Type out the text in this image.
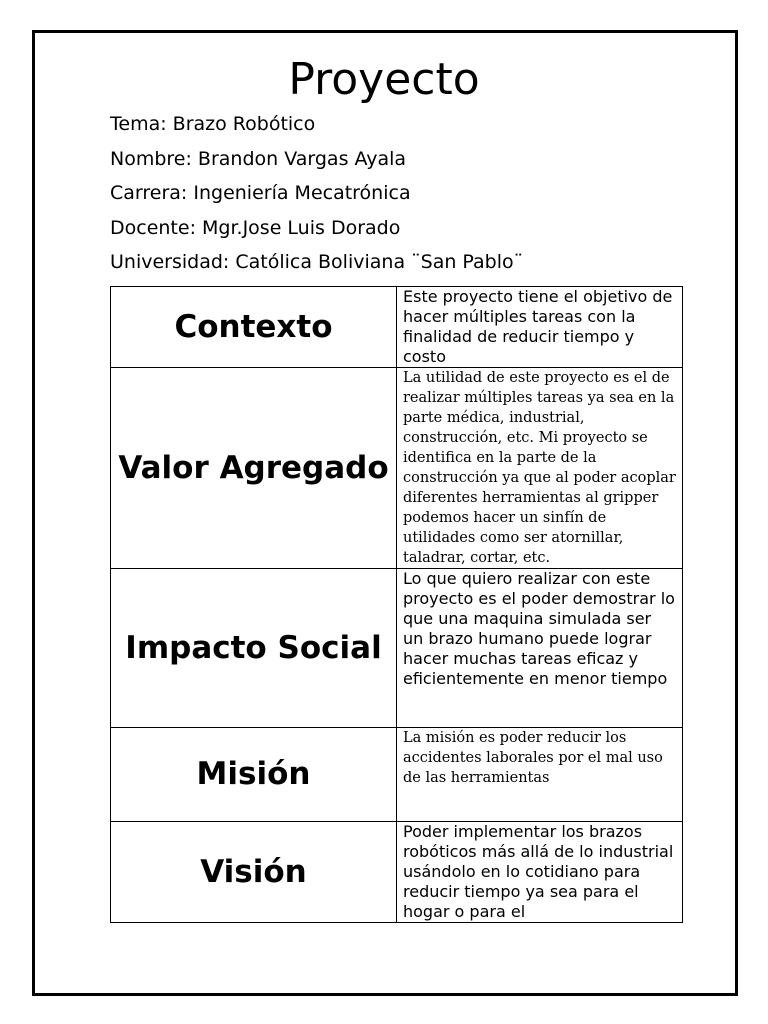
Proyecto
Tema: Brazo Robótico
Nombre: Brandon Vargas Ayala
Carrera: Ingeniería Mecatrónica
Docente: Mgr.Jose Luis Dorado
Universidad: Católica Boliviana ¨San Pablo¨
Contexto	Este proyecto tiene el objetivo de hacer múltiples tareas con la finalidad de reducir tiempo y costo
Valor Agregado	La utilidad de este proyecto es el de realizar múltiples tareas ya sea en la parte médica, industrial, construcción, etc. Mi proyecto se identifica en la parte de la construcción ya que al poder acoplar diferentes herramientas al gripper podemos hacer un sinfín de utilidades como ser atornillar, taladrar, cortar, etc.
Impacto Social	Lo que quiero realizar con este proyecto es el poder demostrar lo que una maquina simulada ser un brazo humano puede lograr hacer muchas tareas eficaz y eficientemente en menor tiempo
Misión	La misión es poder reducir los accidentes laborales por el mal uso de las herramientas
Visión	Poder implementar los brazos robóticos más allá de lo industrial usándolo en lo cotidiano para reducir tiempo ya sea para el hogar o para el
